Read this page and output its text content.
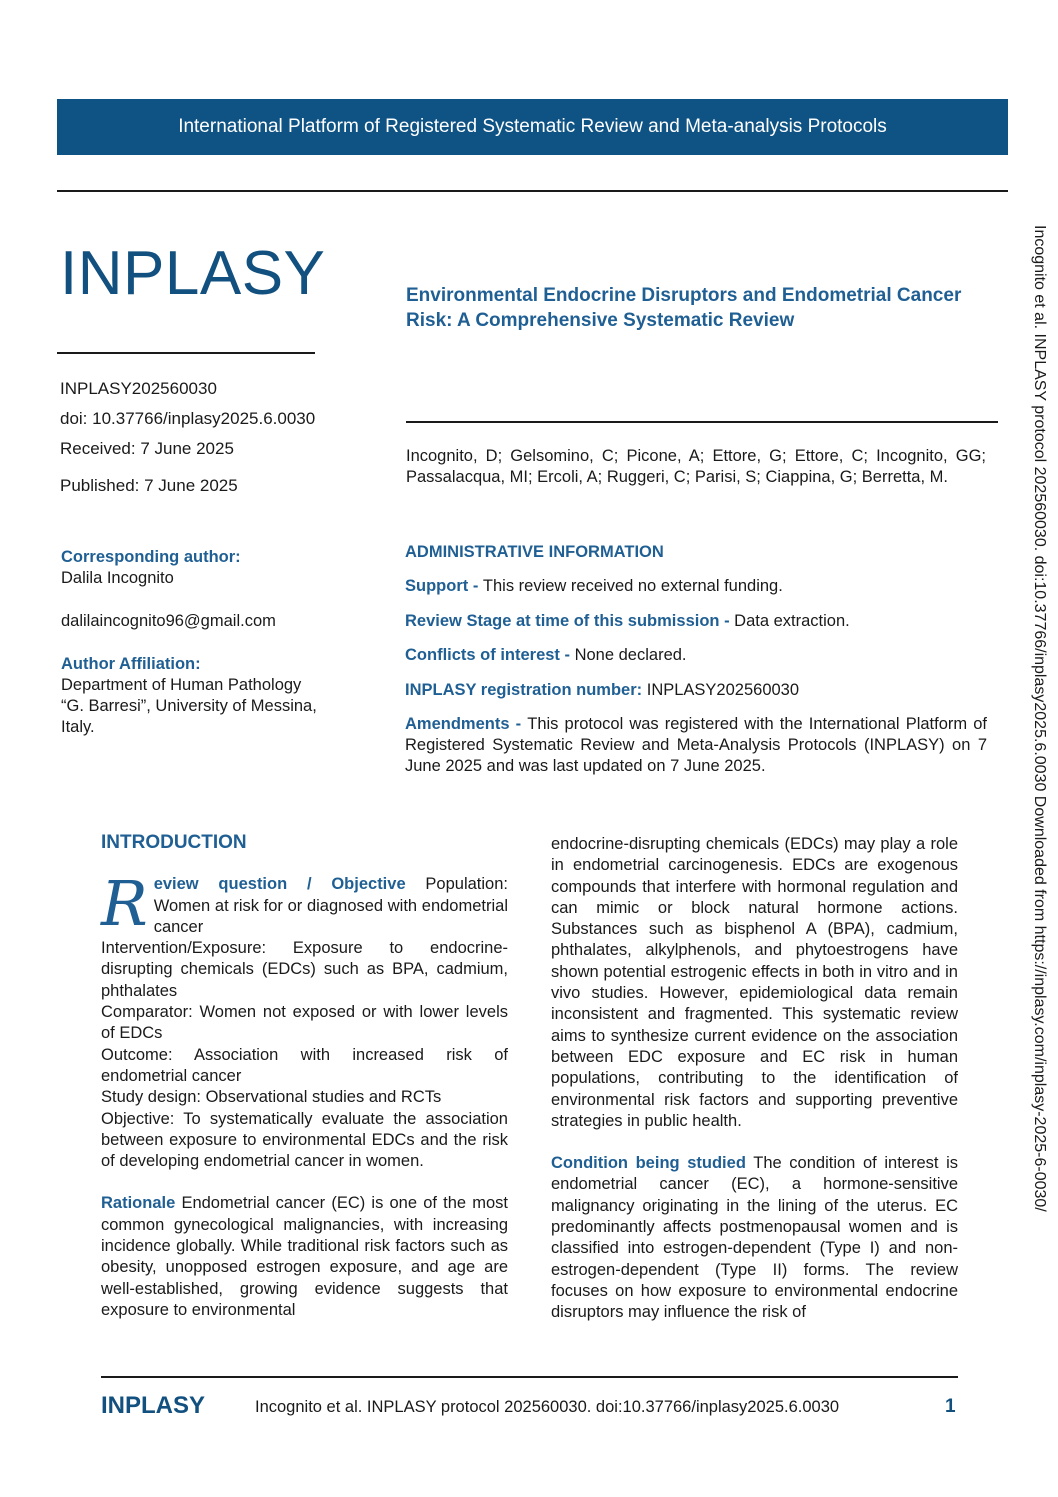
International Platform of Registered Systematic Review and Meta-analysis Protocols
INPLASY	Environmental Endocrine Disruptors and Endometrial Cancer Risk: A Comprehensive Systematic Review
INPLASY202560030
doi: 10.37766/inplasy2025.6.0030
Received: 7 June 2025
Published: 7 June 2025
Incognito, D; Gelsomino, C; Picone, A; Ettore, G; Ettore, C; Incognito, GG; Passalacqua, MI; Ercoli, A; Ruggeri, C; Parisi, S; Ciappina, G; Berretta, M.
Corresponding author:
Dalila Incognito
dalilaincognito96@gmail.com
Author Affiliation:
Department of Human Pathology
“G. Barresi”, University of Messina,
Italy.
ADMINISTRATIVE INFORMATION
Support - This review received no external funding.
Review Stage at time of this submission - Data extraction.
Conflicts of interest - None declared.
INPLASY registration number: INPLASY202560030
Amendments - This protocol was registered with the International Platform of Registered Systematic Review and Meta-Analysis Protocols (INPLASY) on 7 June 2025 and was last updated on 7 June 2025.
INTRODUCTION

Review question / Objective Population: Women at risk for or diagnosed with endometrial cancer

Intervention/Exposure: Exposure to endocrine-disrupting chemicals (EDCs) such as BPA, cadmium, phthalates

Comparator: Women not exposed or with lower levels of EDCs

Outcome: Association with increased risk of endometrial cancer

Study design: Observational studies and RCTs

Objective: To systematically evaluate the association between exposure to environmental EDCs and the risk of developing endometrial cancer in women.

Rationale Endometrial cancer (EC) is one of the most common gynecological malignancies, with increasing incidence globally. While traditional risk factors such as obesity, unopposed estrogen exposure, and age are well-established, growing evidence suggests that exposure to environmental

endocrine-disrupting chemicals (EDCs) may play a role in endometrial carcinogenesis. EDCs are exogenous compounds that interfere with hormonal regulation and can mimic or block natural hormone actions. Substances such as bisphenol A (BPA), cadmium, phthalates, alkylphenols, and phytoestrogens have shown potential estrogenic effects in both in vitro and in vivo studies. However, epidemiological data remain inconsistent and fragmented. This systematic review aims to synthesize current evidence on the association between EDC exposure and EC risk in human populations, contributing to the identification of environmental risk factors and supporting preventive strategies in public health.

Condition being studied The condition of interest is endometrial cancer (EC), a hormone-sensitive malignancy originating in the lining of the uterus. EC predominantly affects postmenopausal women and is classified into estrogen-dependent (Type I) and non-estrogen-dependent (Type II) forms. The review focuses on how exposure to environmental endocrine disruptors may influence the risk of

INPLASY	Incognito et al. INPLASY protocol 202560030. doi:10.37766/inplasy2025.6.0030	1
Incognito et al. INPLASY protocol 202560030. doi:10.37766/inplasy2025.6.0030 Downloaded from https://inplasy.com/inplasy-2025-6-0030/
